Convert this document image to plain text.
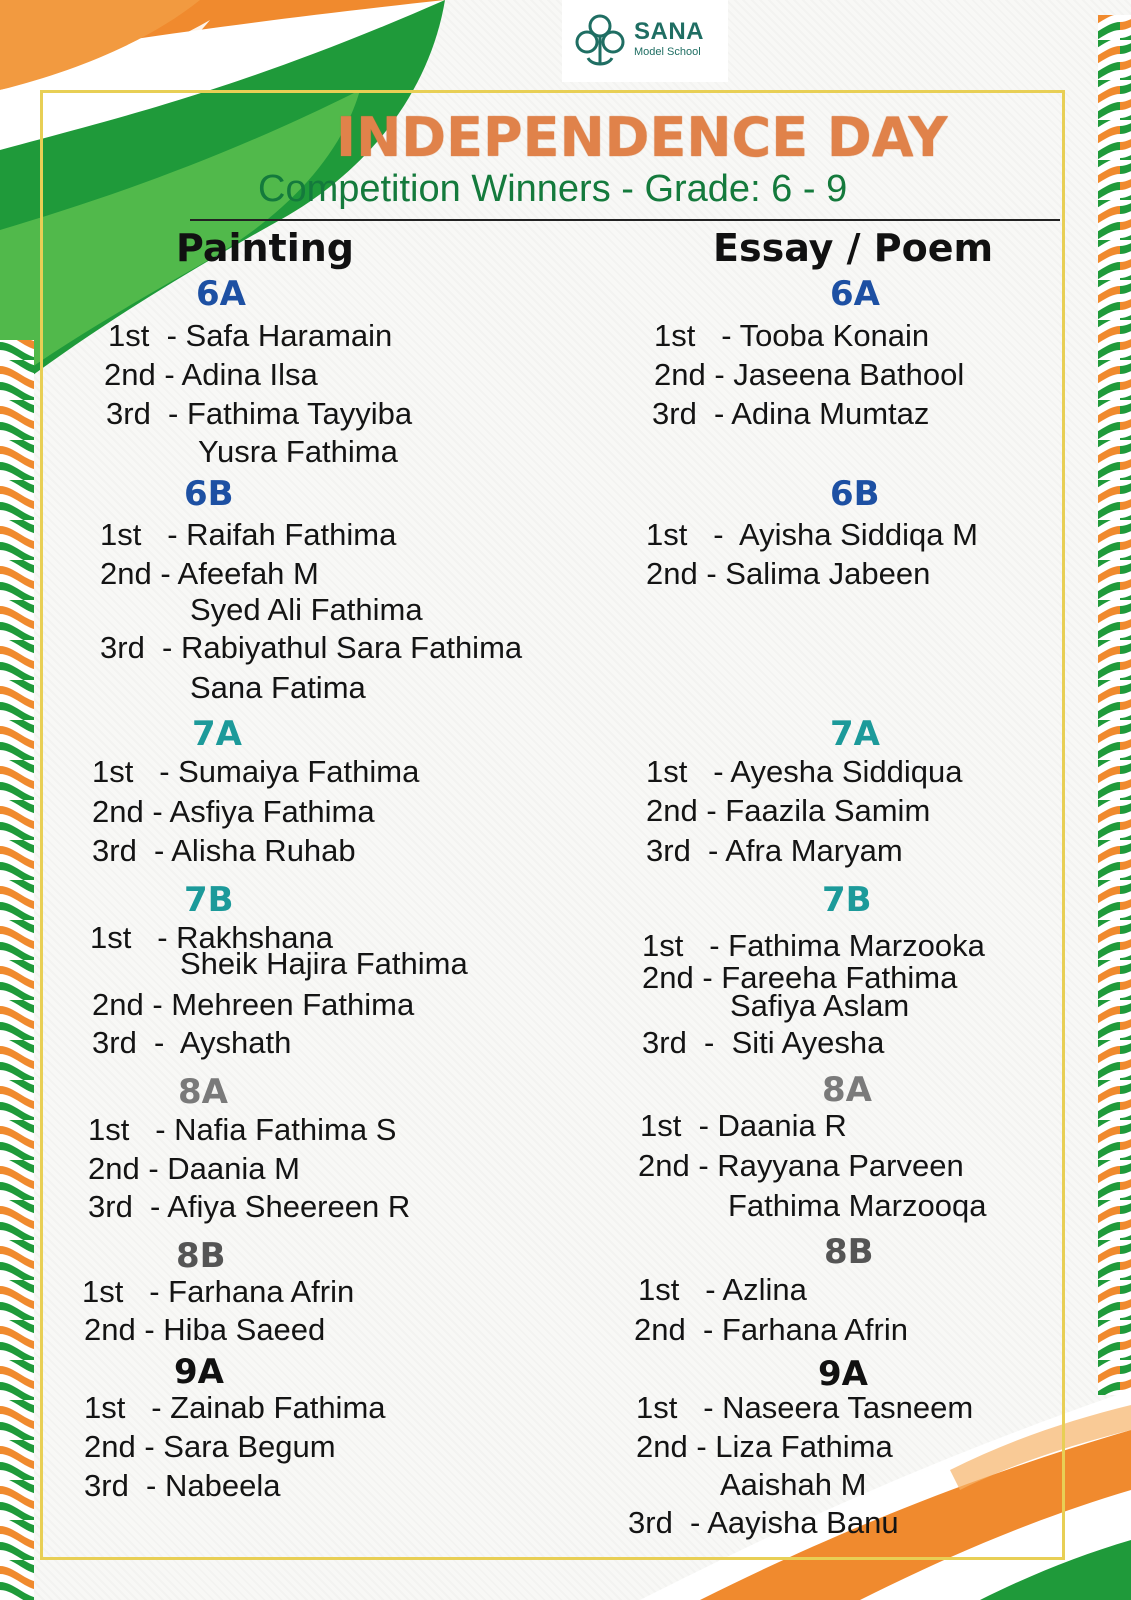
SANA
Model School
INDEPENDENCE DAY
Competition Winners - Grade: 6 - 9
Painting	Essay / Poem
6A
1st  - Safa Haramain
2nd - Adina Ilsa
3rd  - Fathima Tayyiba
Yusra Fathima
6B
1st   - Raifah Fathima
2nd - Afeefah M
Syed Ali Fathima
3rd  - Rabiyathul Sara Fathima
Sana Fatima
7A
1st   - Sumaiya Fathima
2nd - Asfiya Fathima
3rd  - Alisha Ruhab
7B
1st   - Rakhshana
Sheik Hajira Fathima
2nd - Mehreen Fathima
3rd  -  Ayshath
8A
1st   - Nafia Fathima S
2nd - Daania M
3rd  - Afiya Sheereen R
8B
1st   - Farhana Afrin
2nd - Hiba Saeed
9A
1st   - Zainab Fathima
2nd - Sara Begum
3rd  - Nabeela
6A
1st   - Tooba Konain
2nd - Jaseena Bathool
3rd  - Adina Mumtaz
6B
1st   -  Ayisha Siddiqa M
2nd - Salima Jabeen
7A
1st   - Ayesha Siddiqua
2nd - Faazila Samim
3rd  - Afra Maryam
7B
1st   - Fathima Marzooka
2nd - Fareeha Fathima
Safiya Aslam
3rd  -  Siti Ayesha
8A
1st  - Daania R
2nd - Rayyana Parveen
Fathima Marzooqa
8B
1st   - Azlina
2nd  - Farhana Afrin
9A
1st   - Naseera Tasneem
2nd - Liza Fathima
Aaishah M
3rd  - Aayisha Banu
